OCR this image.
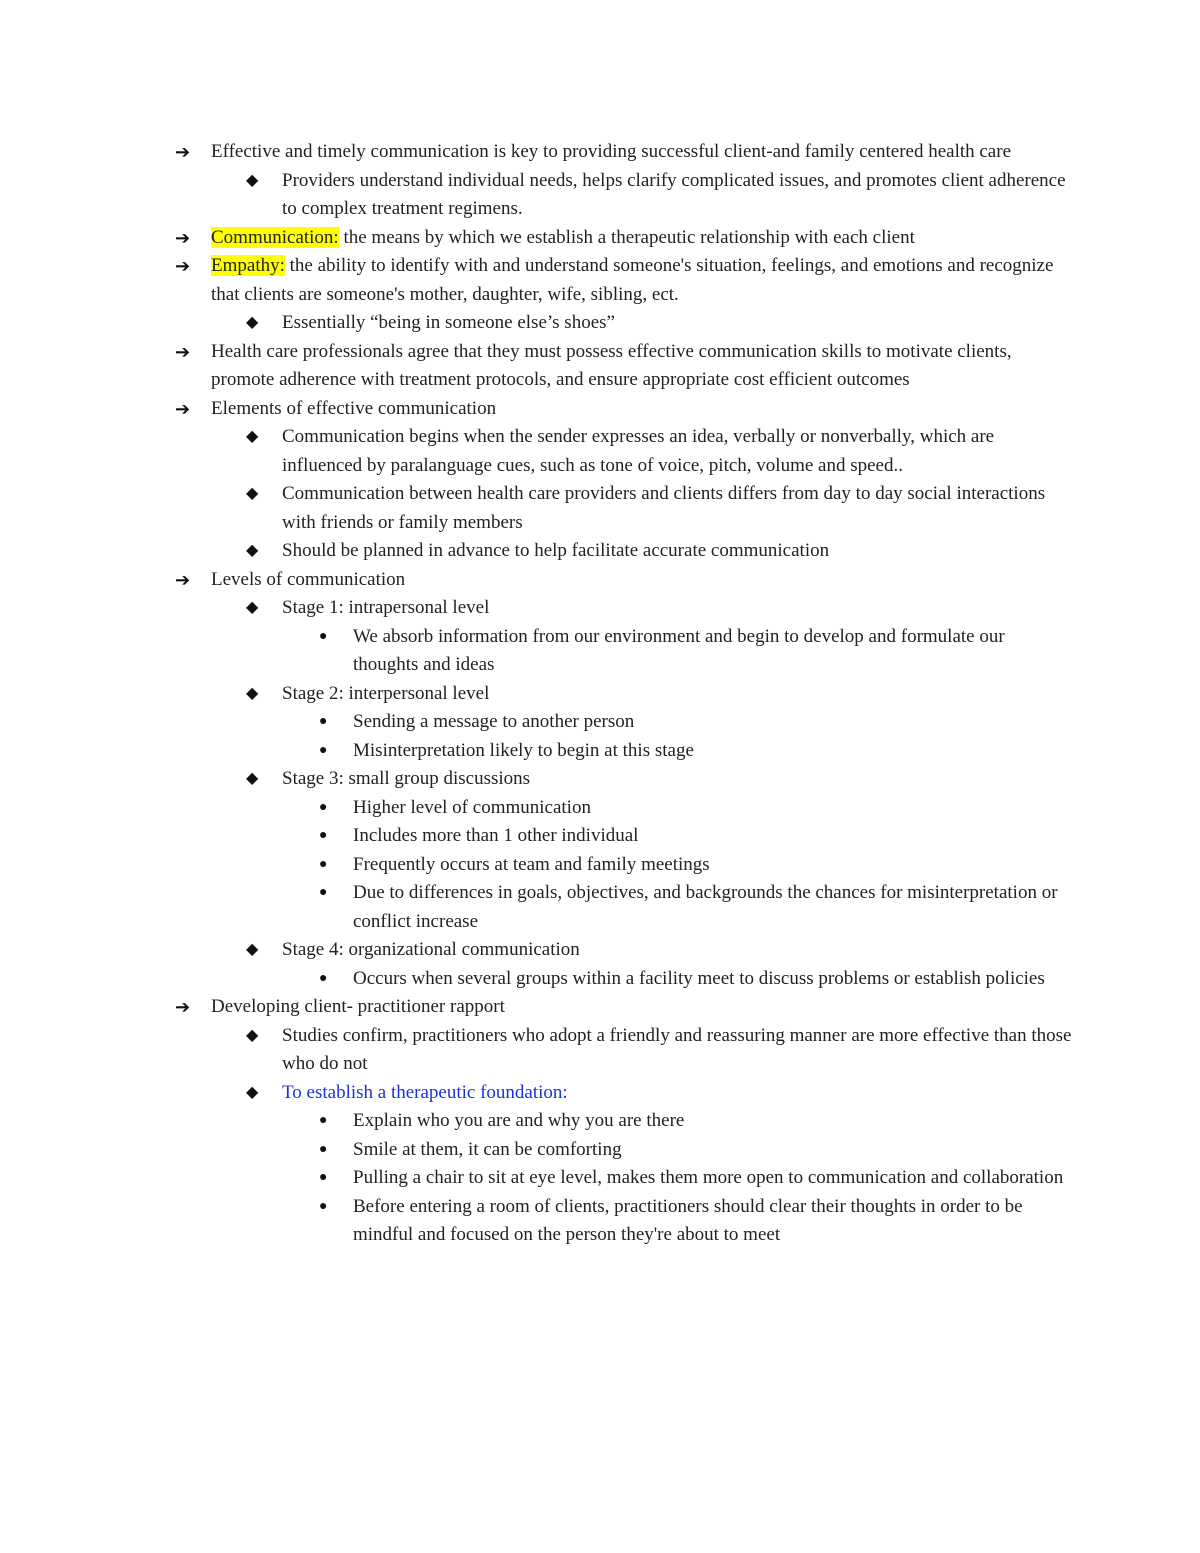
➔ Effective and timely communication is key to providing successful client-and family centered health care
◆ Providers understand individual needs, helps clarify complicated issues, and promotes client adherence to complex treatment regimens.
➔ Communication: the means by which we establish a therapeutic relationship with each client
➔ Empathy: the ability to identify with and understand someone's situation, feelings, and emotions and recognize that clients are someone's mother, daughter, wife, sibling, ect.
◆ Essentially “being in someone else’s shoes”
➔ Health care professionals agree that they must possess effective communication skills to motivate clients, promote adherence with treatment protocols, and ensure appropriate cost efficient outcomes
➔ Elements of effective communication
◆ Communication begins when the sender expresses an idea, verbally or nonverbally, which are influenced by paralanguage cues, such as tone of voice, pitch, volume and speed..
◆ Communication between health care providers and clients differs from day to day social interactions with friends or family members
◆ Should be planned in advance to help facilitate accurate communication
➔ Levels of communication
◆ Stage 1: intrapersonal level
● We absorb information from our environment and begin to develop and formulate our thoughts and ideas
◆ Stage 2: interpersonal level
● Sending a message to another person
● Misinterpretation likely to begin at this stage
◆ Stage 3: small group discussions
● Higher level of communication
● Includes more than 1 other individual
● Frequently occurs at team and family meetings
● Due to differences in goals, objectives, and backgrounds the chances for misinterpretation or conflict increase
◆ Stage 4: organizational communication
● Occurs when several groups within a facility meet to discuss problems or establish policies
➔ Developing client- practitioner rapport
◆ Studies confirm, practitioners who adopt a friendly and reassuring manner are more effective than those who do not
◆ To establish a therapeutic foundation:
● Explain who you are and why you are there
● Smile at them, it can be comforting
● Pulling a chair to sit at eye level, makes them more open to communication and collaboration
● Before entering a room of clients, practitioners should clear their thoughts in order to be mindful and focused on the person they're about to meet
